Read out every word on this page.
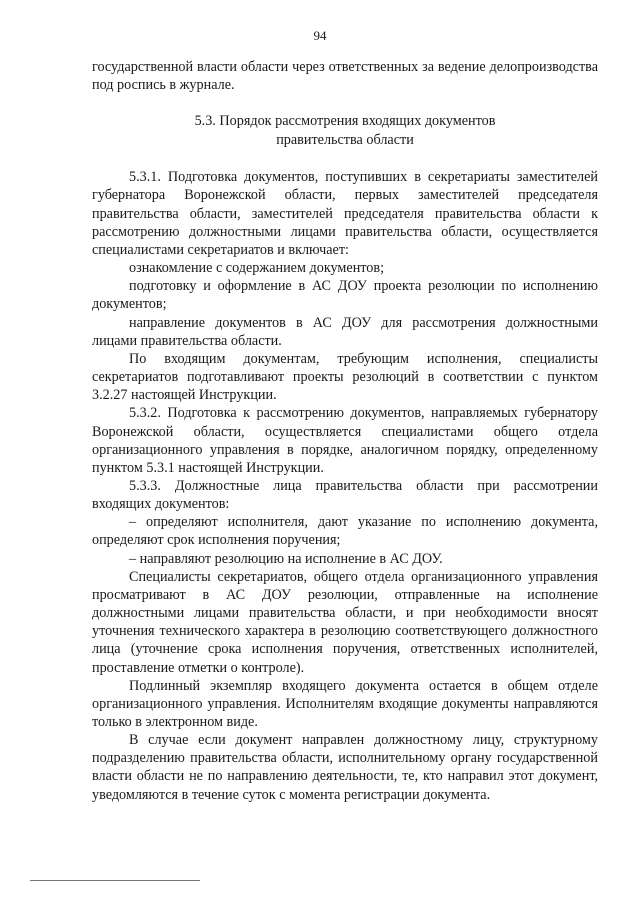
94

государственной власти области через ответственных за ведение делопроизводства под роспись в журнале.

5.3. Порядок рассмотрения входящих документов
правительства области

5.3.1. Подготовка документов, поступивших в секретариаты заместителей губернатора Воронежской области, первых заместителей председателя правительства области, заместителей председателя правительства области к рассмотрению должностными лицами правительства области, осуществляется специалистами секретариатов и включает:

ознакомление с содержанием документов;

подготовку и оформление в АС ДОУ проекта резолюции по исполнению документов;

направление документов в АС ДОУ для рассмотрения должностными лицами правительства области.

По входящим документам, требующим исполнения, специалисты секретариатов подготавливают проекты резолюций в соответствии с пунктом 3.2.27 настоящей Инструкции.

5.3.2. Подготовка к рассмотрению документов, направляемых губернатору Воронежской области, осуществляется специалистами общего отдела организационного управления в порядке, аналогичном порядку, определенному пунктом 5.3.1 настоящей Инструкции.

5.3.3. Должностные лица правительства области при рассмотрении входящих документов:

– определяют исполнителя, дают указание по исполнению документа, определяют срок исполнения поручения;

– направляют резолюцию на исполнение в АС ДОУ.

Специалисты секретариатов, общего отдела организационного управления просматривают в АС ДОУ резолюции, отправленные на исполнение должностными лицами правительства области, и при необходимости вносят уточнения технического характера в резолюцию соответствующего должностного лица (уточнение срока исполнения поручения, ответственных исполнителей, проставление отметки о контроле).

Подлинный экземпляр входящего документа остается в общем отделе организационного управления. Исполнителям входящие документы направляются только в электронном виде.

В случае если документ направлен должностному лицу, структурному подразделению правительства области, исполнительному органу государственной власти области не по направлению деятельности, те, кто направил этот документ, уведомляются в течение суток с момента регистрации документа.
